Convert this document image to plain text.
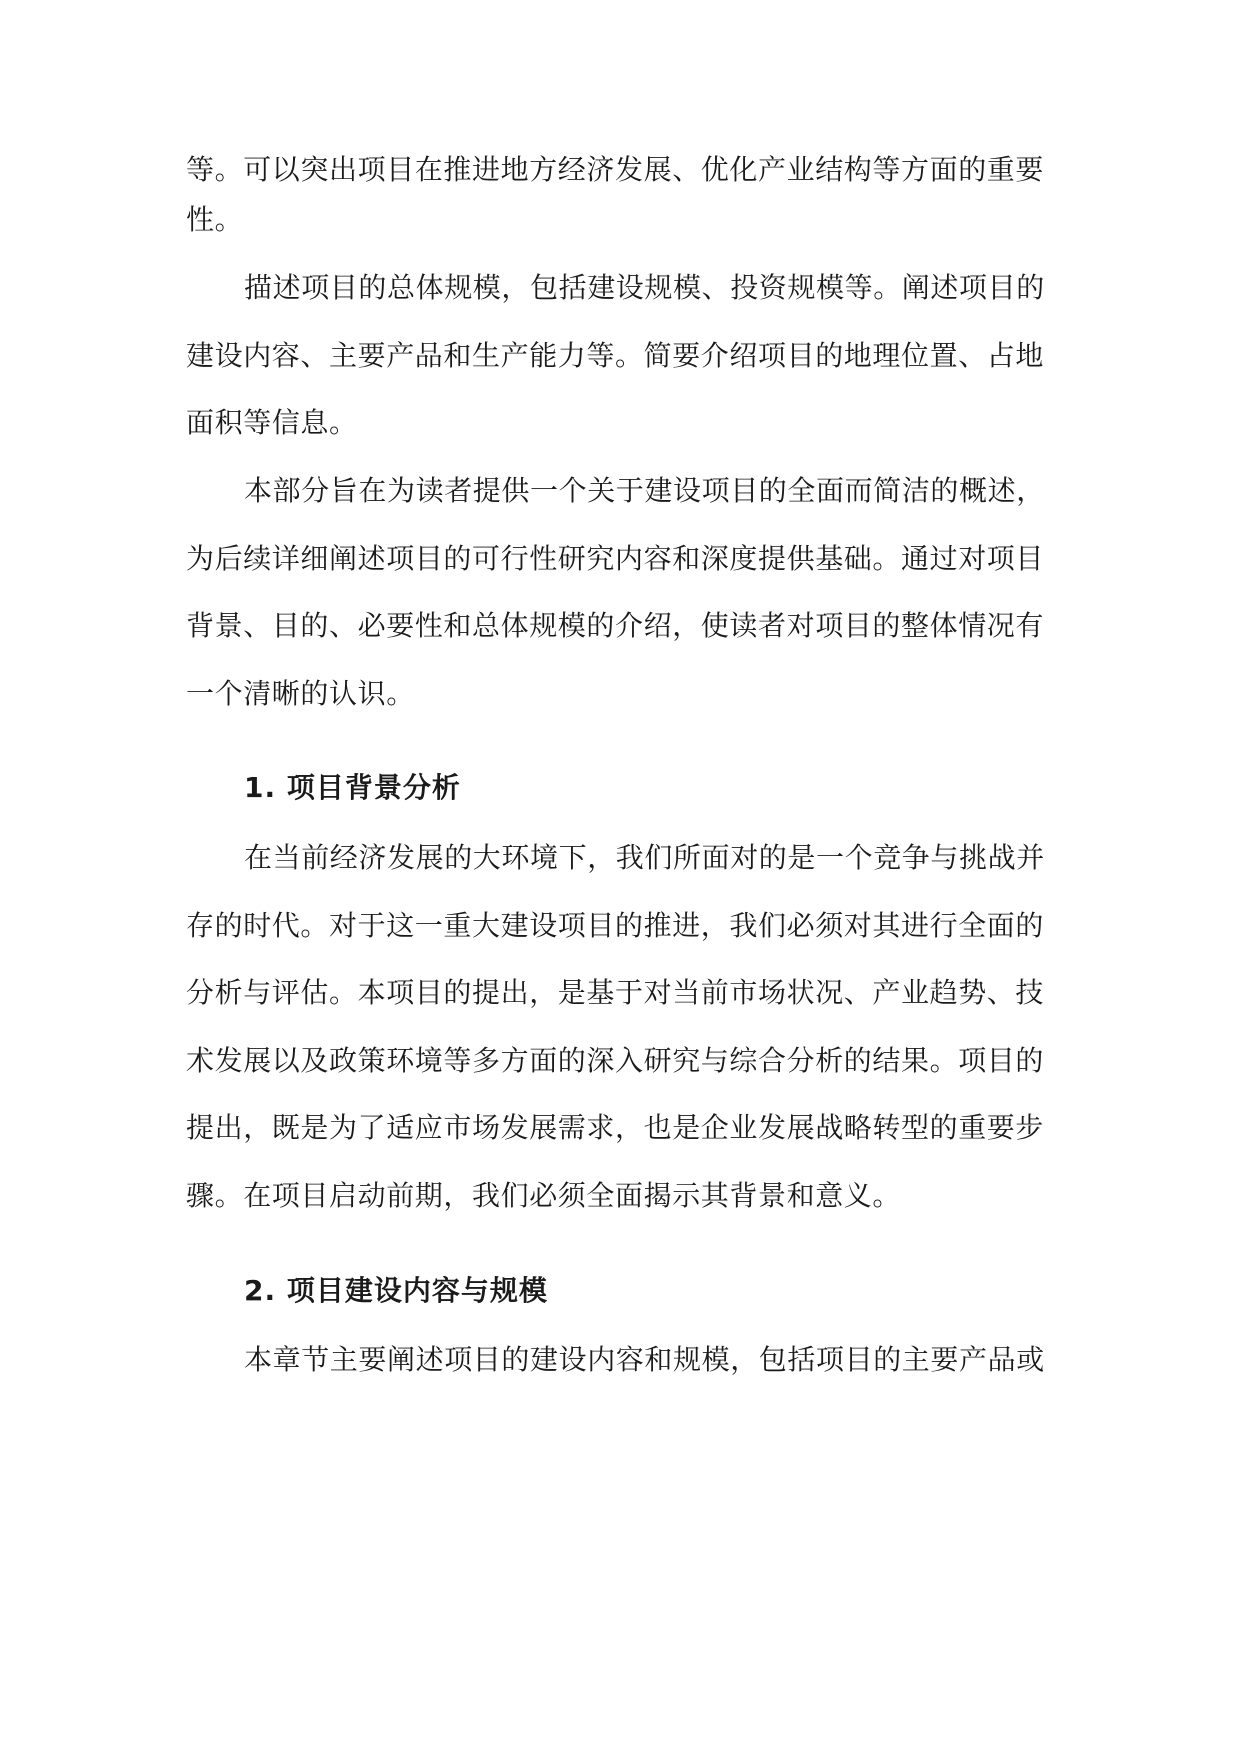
等。可以突出项目在推进地方经济发展、优化产业结构等方面的重要
性。
描述项目的总体规模，包括建设规模、投资规模等。阐述项目的
建设内容、主要产品和生产能力等。简要介绍项目的地理位置、占地
面积等信息。
本部分旨在为读者提供一个关于建设项目的全面而简洁的概述，
为后续详细阐述项目的可行性研究内容和深度提供基础。通过对项目
背景、目的、必要性和总体规模的介绍，使读者对项目的整体情况有
一个清晰的认识。
1. 项目背景分析
在当前经济发展的大环境下，我们所面对的是一个竞争与挑战并
存的时代。对于这一重大建设项目的推进，我们必须对其进行全面的
分析与评估。本项目的提出，是基于对当前市场状况、产业趋势、技
术发展以及政策环境等多方面的深入研究与综合分析的结果。项目的
提出，既是为了适应市场发展需求，也是企业发展战略转型的重要步
骤。在项目启动前期，我们必须全面揭示其背景和意义。
2. 项目建设内容与规模
本章节主要阐述项目的建设内容和规模，包括项目的主要产品或
